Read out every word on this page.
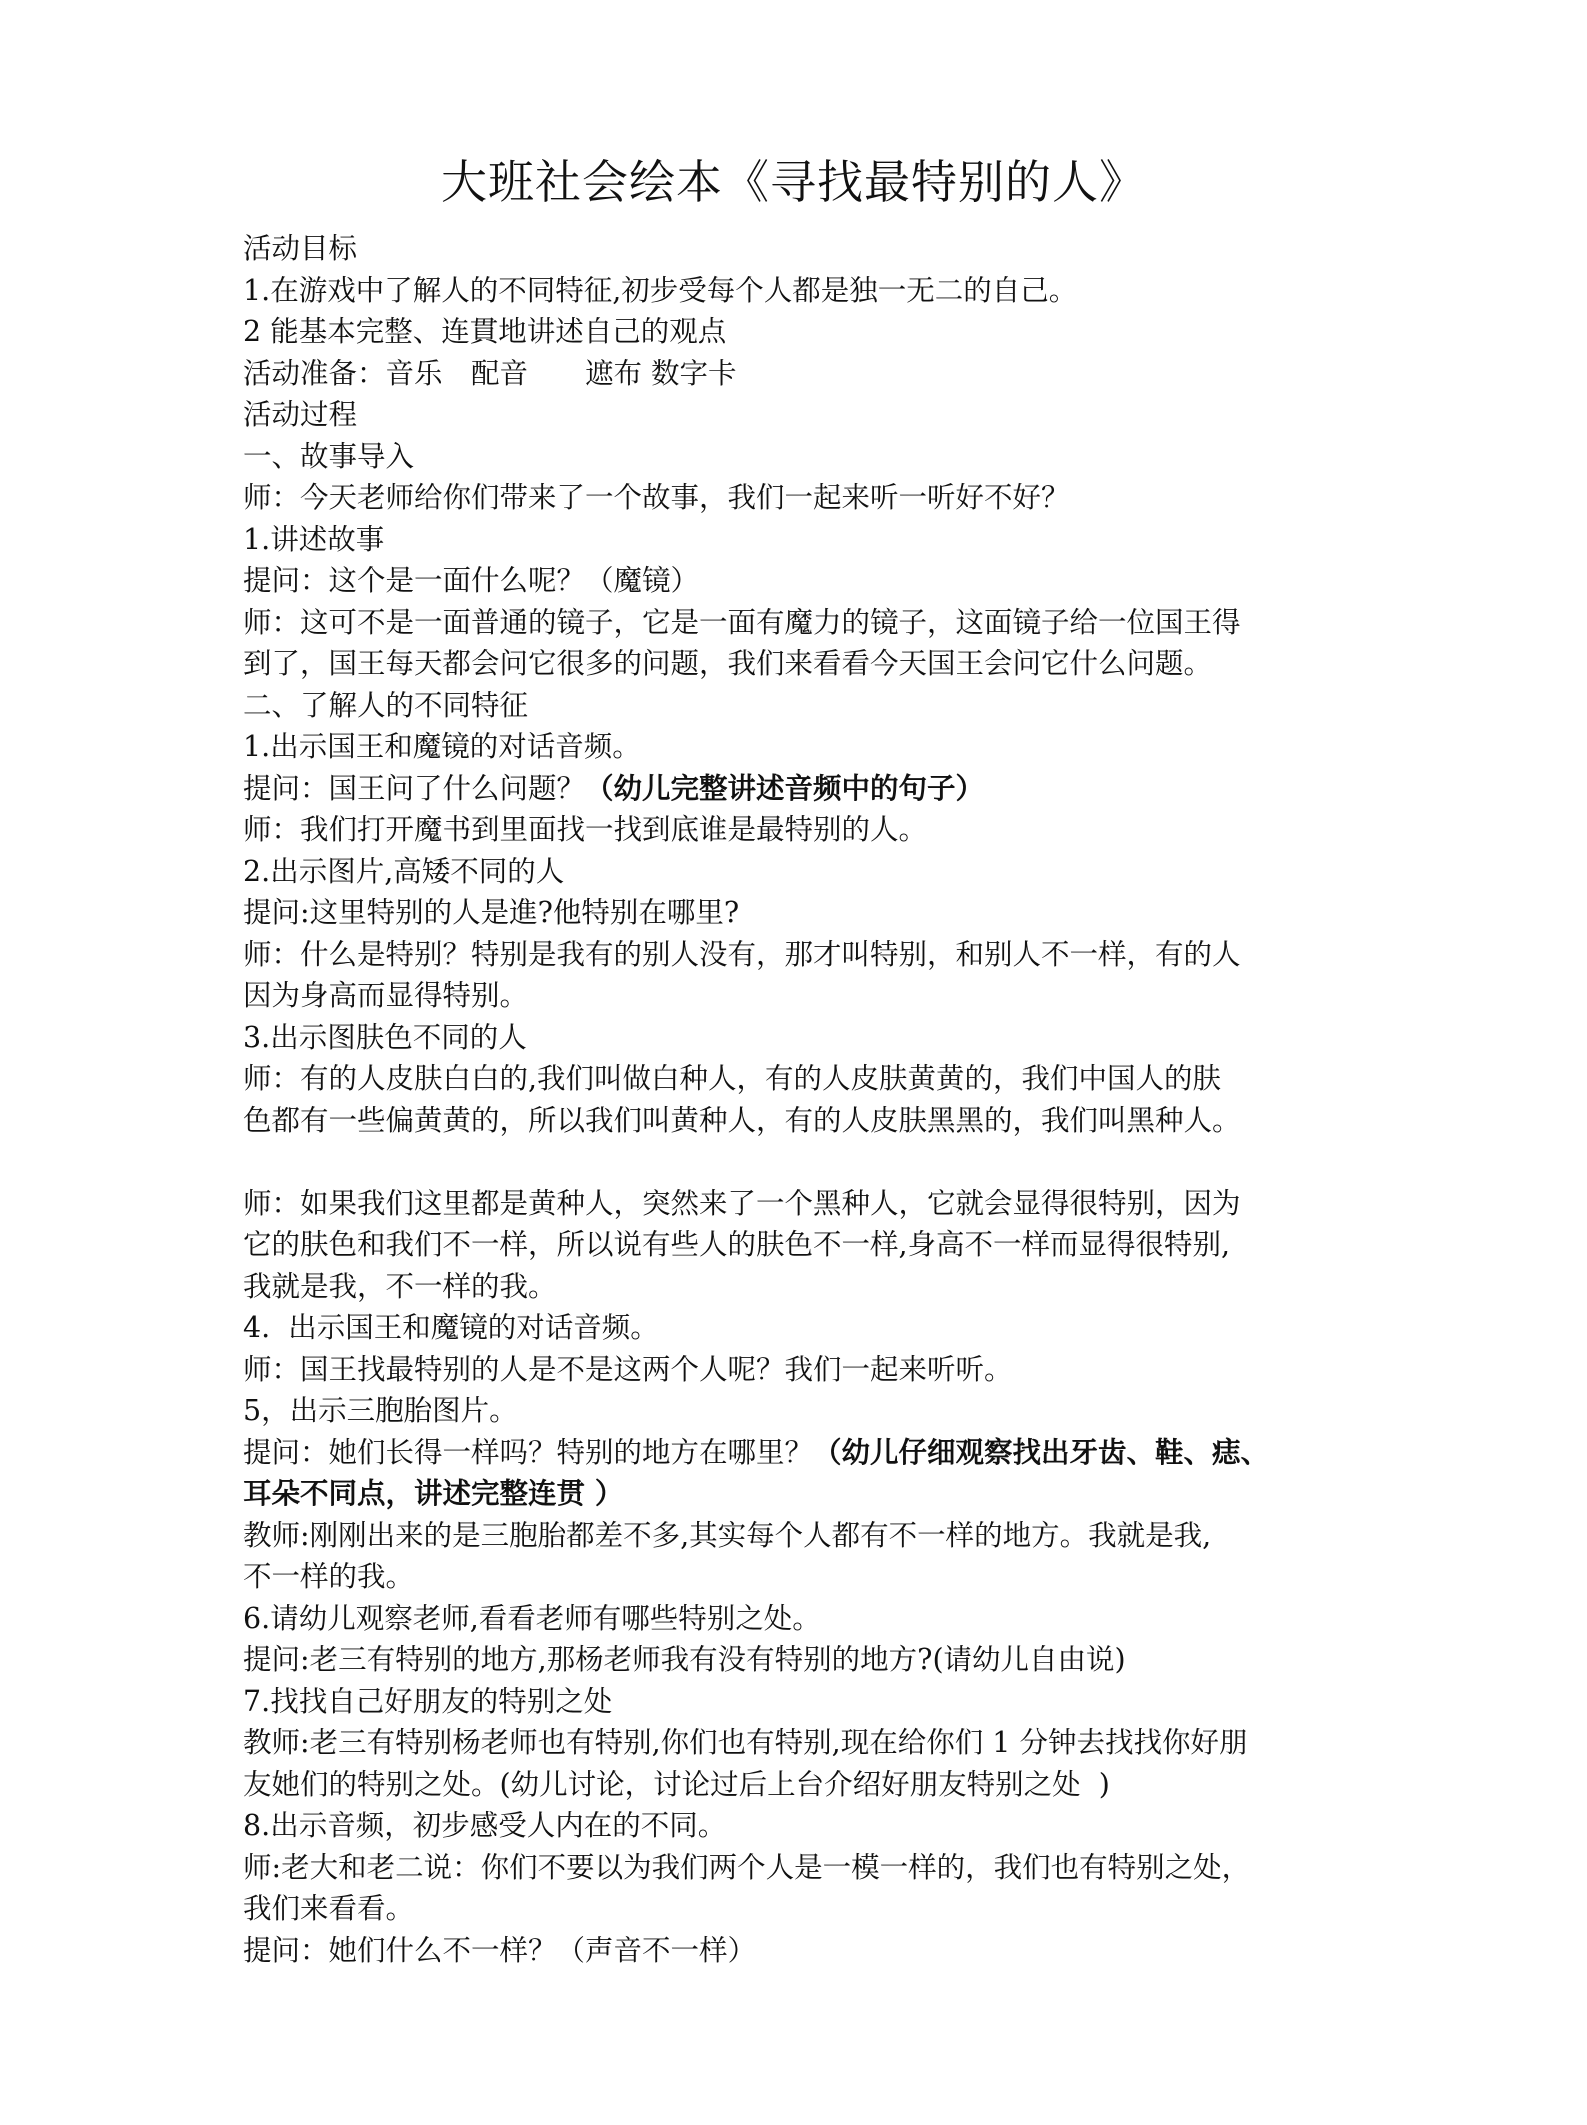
大班社会绘本《寻找最特别的人》

活动目标

1.在游戏中了解人的不同特征,初步受每个人都是独一无二的自己。

2 能基本完整、连貫地讲述自己的观点

活动准备：音乐　配音　　遮布 数字卡

活动过程

一、故事导入

师：今天老师给你们带来了一个故事，我们一起来听一听好不好？

1.讲述故事

提问：这个是一面什么呢？（魔镜）

师：这可不是一面普通的镜子，它是一面有魔力的镜子，这面镜子给一位国王得

到了，国王每天都会问它很多的问题，我们来看看今天国王会问它什么问题。

二、了解人的不同特征

1.出示国王和魔镜的对话音频。

提问：国王问了什么问题？（幼儿完整讲述音频中的句子）

师：我们打开魔书到里面找一找到底谁是最特别的人。

2.出示图片,高矮不同的人

提问:这里特别的人是進?他特别在哪里?

师：什么是特别？特别是我有的别人没有，那才叫特别，和别人不一样，有的人

因为身高而显得特别。

3.出示图肤色不同的人

师：有的人皮肤白白的,我们叫做白种人，有的人皮肤黄黄的，我们中国人的肤

色都有一些偏黄黄的，所以我们叫黄种人，有的人皮肤黑黑的，我们叫黑种人。

师：如果我们这里都是黄种人，突然来了一个黑种人，它就会显得很特别，因为

它的肤色和我们不一样，所以说有些人的肤色不一样,身高不一样而显得很特别,

我就是我，不一样的我。

4.  出示国王和魔镜的对话音频。

师：国王找最特别的人是不是这两个人呢？我们一起来听听。

5，出示三胞胎图片。

提问：她们长得一样吗？特别的地方在哪里？（幼儿仔细观察找出牙齿、鞋、痣、

耳朵不同点，讲述完整连贯 ）

教师:刚刚出来的是三胞胎都差不多,其实每个人都有不一样的地方。我就是我,

不一样的我。

6.请幼儿观察老师,看看老师有哪些特别之处。

提问:老三有特别的地方,那杨老师我有没有特别的地方?(请幼儿自由说)

7.找找自己好朋友的特别之处

教师:老三有特别杨老师也有特别,你们也有特别,现在给你们 1 分钟去找找你好朋

友她们的特别之处。(幼儿讨论，讨论过后上台介绍好朋友特别之处  )

8.出示音频，初步感受人内在的不同。

师:老大和老二说：你们不要以为我们两个人是一模一样的，我们也有特别之处，

我们来看看。

提问：她们什么不一样？（声音不一样）
